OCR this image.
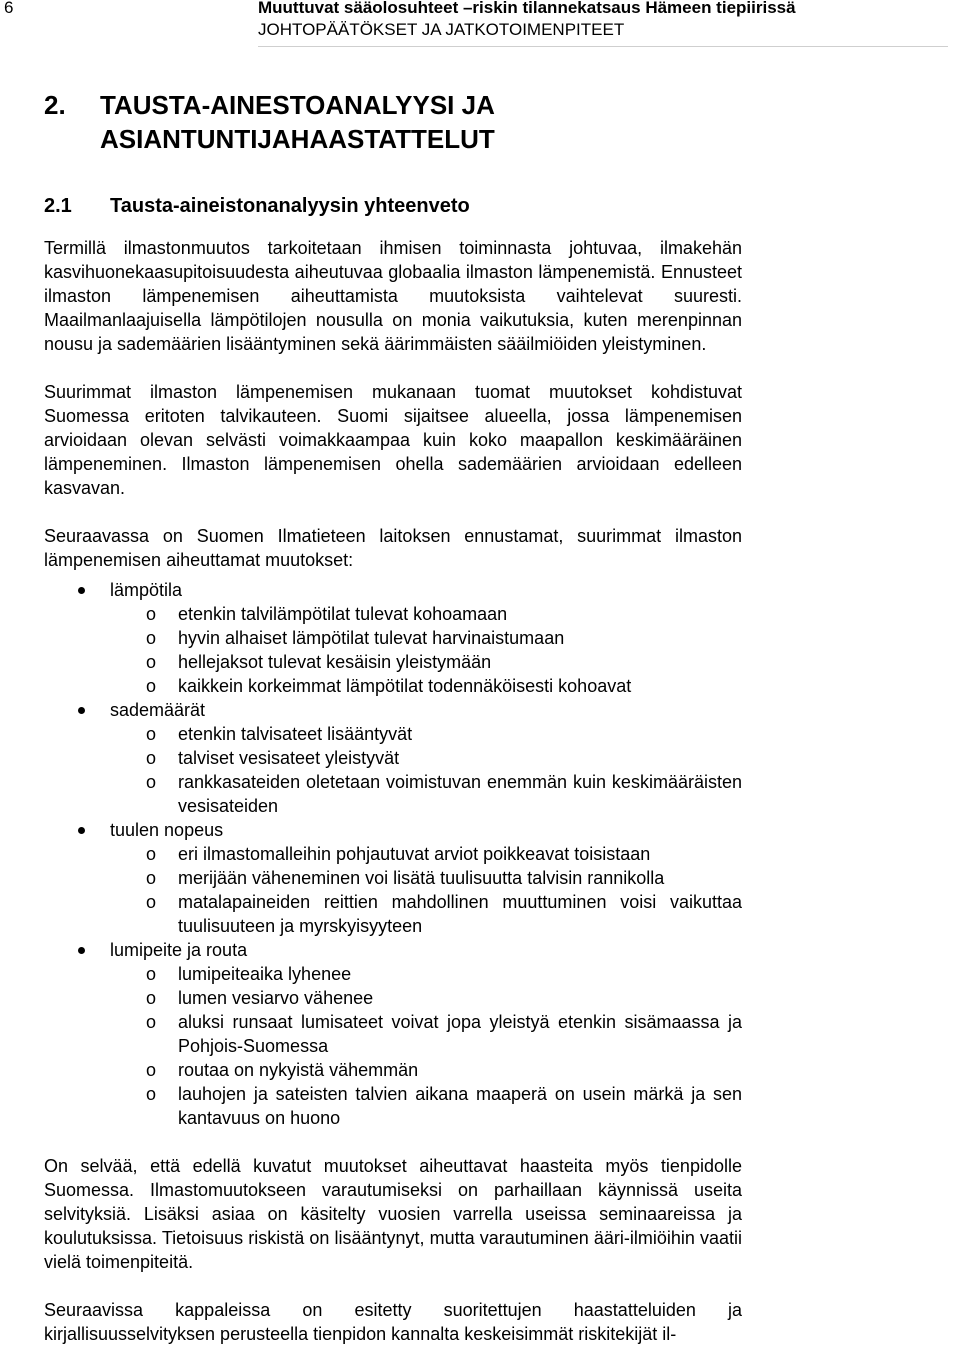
6	Muuttuvat sääolosuhteet –riskin tilannekatsaus Hämeen tiepiirissä
JOHTOPÄÄTÖKSET JA JATKOTOIMENPITEET
2.	TAUSTA-AINESTOANALYYSI JA ASIANTUNTIJAHAASTATTELUT
2.1	Tausta-aineistonanalyysin yhteenveto

Termillä ilmastonmuutos tarkoitetaan ihmisen toiminnasta johtuvaa, ilmakehän kasvihuonekaasupitoisuudesta aiheutuvaa globaalia ilmaston lämpenemistä. Ennusteet ilmaston lämpenemisen aiheuttamista muutoksista vaihtelevat suuresti. Maailmanlaajuisella lämpötilojen nousulla on monia vaikutuksia, kuten merenpinnan nousu ja sademäärien lisääntyminen sekä äärimmäisten sääilmiöiden yleistyminen.

Suurimmat ilmaston lämpenemisen mukanaan tuomat muutokset kohdistuvat Suomessa eritoten talvikauteen. Suomi sijaitsee alueella, jossa lämpenemisen arvioidaan olevan selvästi voimakkaampaa kuin koko maapallon keskimääräinen lämpeneminen. Ilmaston lämpenemisen ohella sademäärien arvioidaan edelleen kasvavan.

Seuraavassa on Suomen Ilmatieteen laitoksen ennustamat, suurimmat ilmaston lämpenemisen aiheuttamat muutokset:

lämpötila
o etenkin talvilämpötilat tulevat kohoamaan
o hyvin alhaiset lämpötilat tulevat harvinaistumaan
o hellejaksot tulevat kesäisin yleistymään
o kaikkein korkeimmat lämpötilat todennäköisesti kohoavat
sademäärät
o etenkin talvisateet lisääntyvät
o talviset vesisateet yleistyvät
o rankkasateiden oletetaan voimistuvan enemmän kuin keskimääräisten vesisateiden
tuulen nopeus
o eri ilmastomalleihin pohjautuvat arviot poikkeavat toisistaan
o merijään väheneminen voi lisätä tuulisuutta talvisin rannikolla
o matalapaineiden reittien mahdollinen muuttuminen voisi vaikuttaa tuulisuuteen ja myrskyisyyteen
lumipeite ja routa
o lumipeiteaika lyhenee
o lumen vesiarvo vähenee
o aluksi runsaat lumisateet voivat jopa yleistyä etenkin sisämaassa ja Pohjois-Suomessa
o routaa on nykyistä vähemmän
o lauhojen ja sateisten talvien aikana maaperä on usein märkä ja sen kantavuus on huono

On selvää, että edellä kuvatut muutokset aiheuttavat haasteita myös tienpidolle Suomessa. Ilmastomuutokseen varautumiseksi on parhaillaan käynnissä useita selvityksiä. Lisäksi asiaa on käsitelty vuosien varrella useissa seminaareissa ja koulutuksissa. Tietoisuus riskistä on lisääntynyt, mutta varautuminen ääri-ilmiöihin vaatii vielä toimenpiteitä.

Seuraavissa kappaleissa on esitetty suoritettujen haastatteluiden ja kirjallisuusselvityksen perusteella tienpidon kannalta keskeisimmät riskitekijät il-
